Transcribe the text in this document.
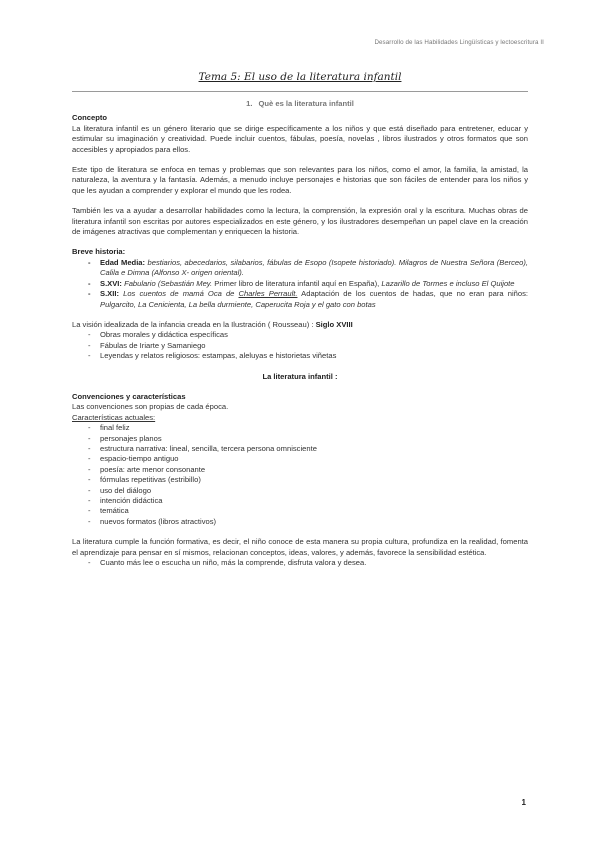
Desarrollo de las Habilidades Lingüísticas y lectoescritura II
Tema 5: El uso de la literatura infantil
1. Què es la literatura infantil
Concepto

La literatura infantil es un género literario que se dirige específicamente a los niños y que está diseñado para entretener, educar y estimular su imaginación y creatividad. Puede incluir cuentos, fábulas, poesía, novelas , libros ilustrados y otros formatos que son accesibles y apropiados para ellos.

Este tipo de literatura se enfoca en temas y problemas que son relevantes para los niños, como el amor, la familia, la amistad, la naturaleza, la aventura y la fantasía. Además, a menudo incluye personajes e historias que son fáciles de entender para los niños y que les ayudan a comprender y explorar el mundo que les rodea.

También les va a ayudar a desarrollar habilidades como la lectura, la comprensión, la expresión oral y la escritura. Muchas obras de literatura infantil son escritas por autores especializados en este género, y los ilustradores desempeñan un papel clave en la creación de imágenes atractivas que complementan y enriquecen la historia.

Breve historia:
- Edad Media: bestiarios, abecedarios, silabarios, fábulas de Esopo (Isopete historiado). Milagros de Nuestra Señora (Berceo), Calila e Dimna (Alfonso X- origen oriental).
- S.XVI: Fabulario (Sebastián Mey. Primer libro de literatura infantil aquí en España), Lazarillo de Tormes e incluso El Quijote
- S.XII: Los cuentos de mamá Oca de Charles Perrault. Adaptación de los cuentos de hadas, que no eran para niños: Pulgarcito, La Cenicienta, La bella durmiente, Caperucita Roja y el gato con botas

La visión idealizada de la infancia creada en la Ilustración ( Rousseau) : Siglo XVIII

- Obras morales y didáctica específicas
- Fábulas de Iriarte y Samaniego
- Leyendas y relatos religiosos: estampas, aleluyas e historietas viñetas
La literatura infantil :
Convenciones y características

Las convenciones son propias de cada época.

Características actuales:
- final feliz
- personajes planos
- estructura narrativa: lineal, sencilla, tercera persona omnisciente
- espacio-tiempo antiguo
- poesía: arte menor consonante
- fórmulas repetitivas (estribillo)
- uso del diálogo
- intención didáctica
- temática
- nuevos formatos (libros atractivos)

La literatura cumple la función formativa, es decir, el niño conoce de esta manera su propia cultura, profundiza en la realidad, fomenta el aprendizaje para pensar en sí mismos, relacionan conceptos, ideas, valores, y además, favorece la sensibilidad estética.

- Cuanto más lee o escucha un niño, más la comprende, disfruta valora y desea.
1
